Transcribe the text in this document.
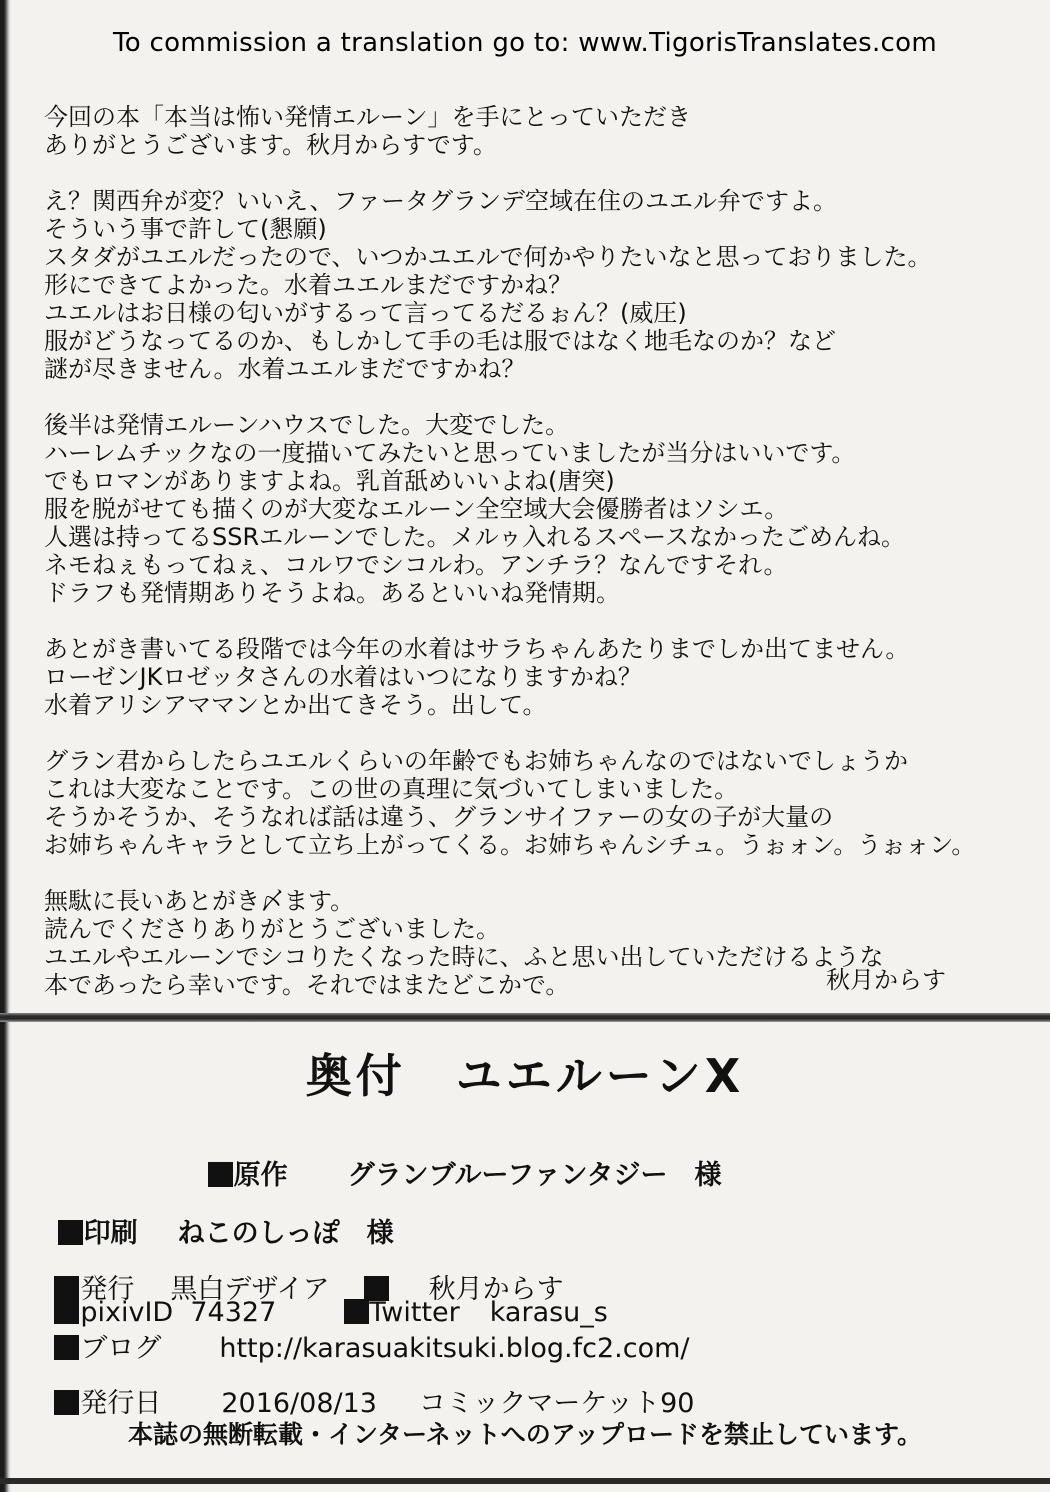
To commission a translation go to: www.TigorisTranslates.com
今回の本「本当は怖い発情エルーン」を手にとっていただき
ありがとうございます。秋月からすです。
え？関西弁が変？いいえ、ファータグランデ空域在住のユエル弁ですよ。
そういう事で許して(懇願)
スタダがユエルだったので、いつかユエルで何かやりたいなと思っておりました。
形にできてよかった。水着ユエルまだですかね？
ユエルはお日様の匂いがするって言ってるだるぉん？(威圧)
服がどうなってるのか、もしかして手の毛は服ではなく地毛なのか？など
謎が尽きません。水着ユエルまだですかね？
後半は発情エルーンハウスでした。大変でした。
ハーレムチックなの一度描いてみたいと思っていましたが当分はいいです。
でもロマンがありますよね。乳首舐めいいよね(唐突)
服を脱がせても描くのが大変なエルーン全空域大会優勝者はソシエ。
人選は持ってるSSRエルーンでした。メルゥ入れるスペースなかったごめんね。
ネモねぇもってねぇ、コルワでシコルわ。アンチラ？なんですそれ。
ドラフも発情期ありそうよね。あるといいね発情期。
あとがき書いてる段階では今年の水着はサラちゃんあたりまでしか出てません。
ローゼンJKロゼッタさんの水着はいつになりますかね？
水着アリシアママンとか出てきそう。出して。
グラン君からしたらユエルくらいの年齢でもお姉ちゃんなのではないでしょうか
これは大変なことです。この世の真理に気づいてしまいました。
そうかそうか、そうなれば話は違う、グランサイファーの女の子が大量の
お姉ちゃんキャラとして立ち上がってくる。お姉ちゃんシチュ。うぉォン。うぉォン。
無駄に長いあとがき〆ます。
読んでくださりありがとうございました。
ユエルやエルーンでシコりたくなった時に、ふと思い出していただけるような
本であったら幸いです。それではまたどこかで。	秋月からす
奥付　ユエルーンX

原作 グランブルーファンタジー　様

印刷 ねこのしっぽ　様

発行 黒白デザイア	秋月からす

pixivID  74327	Twitter karasu_s

ブログ http://karasuakitsuki.blog.fc2.com/

発行日 2016/08/13 コミックマーケット90

本誌の無断転載・インターネットへのアップロードを禁止しています。
